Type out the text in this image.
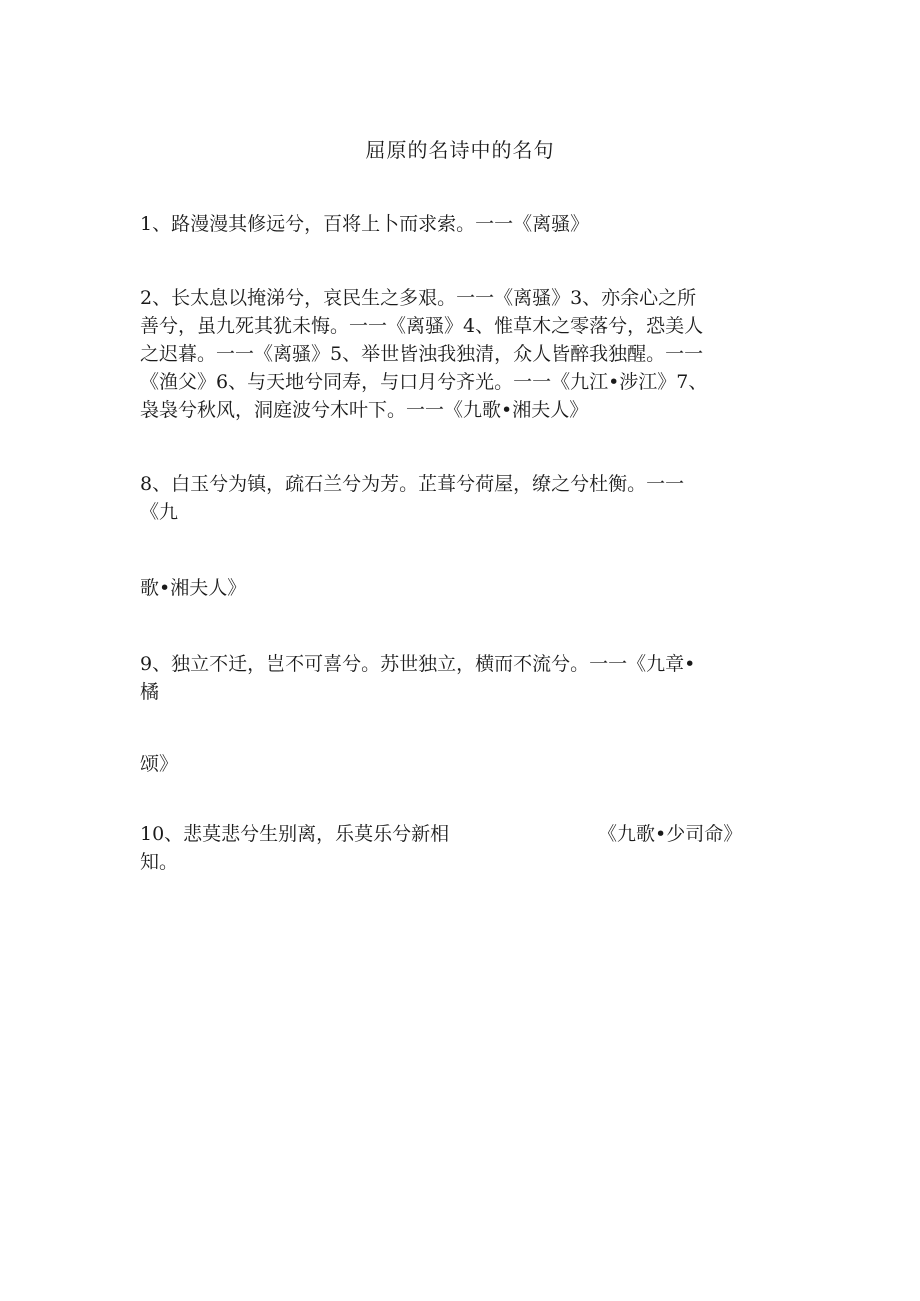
屈原的名诗中的名句
1、路漫漫其修远兮，百将上卜而求索。一一《离骚》
2、长太息以掩涕兮，哀民生之多艰。一一《离骚》3、亦余心之所
善兮，虽九死其犹未悔。一一《离骚》4、惟草木之零落兮，恐美人
之迟暮。一一《离骚》5、举世皆浊我独清，众人皆醉我独醒。一一
《渔父》6、与天地兮同寿，与口月兮齐光。一一《九江•涉江》7、
袅袅兮秋风，洞庭波兮木叶下。一一《九歌•湘夫人》
8、白玉兮为镇，疏石兰兮为芳。芷葺兮荷屋，缭之兮杜衡。一一
《九
歌•湘夫人》
9、独立不迁，岂不可喜兮。苏世独立，横而不流兮。一一《九章•
橘
颂》
10、悲莫悲兮生别离，乐莫乐兮新相
知。
《九歌•少司命》
